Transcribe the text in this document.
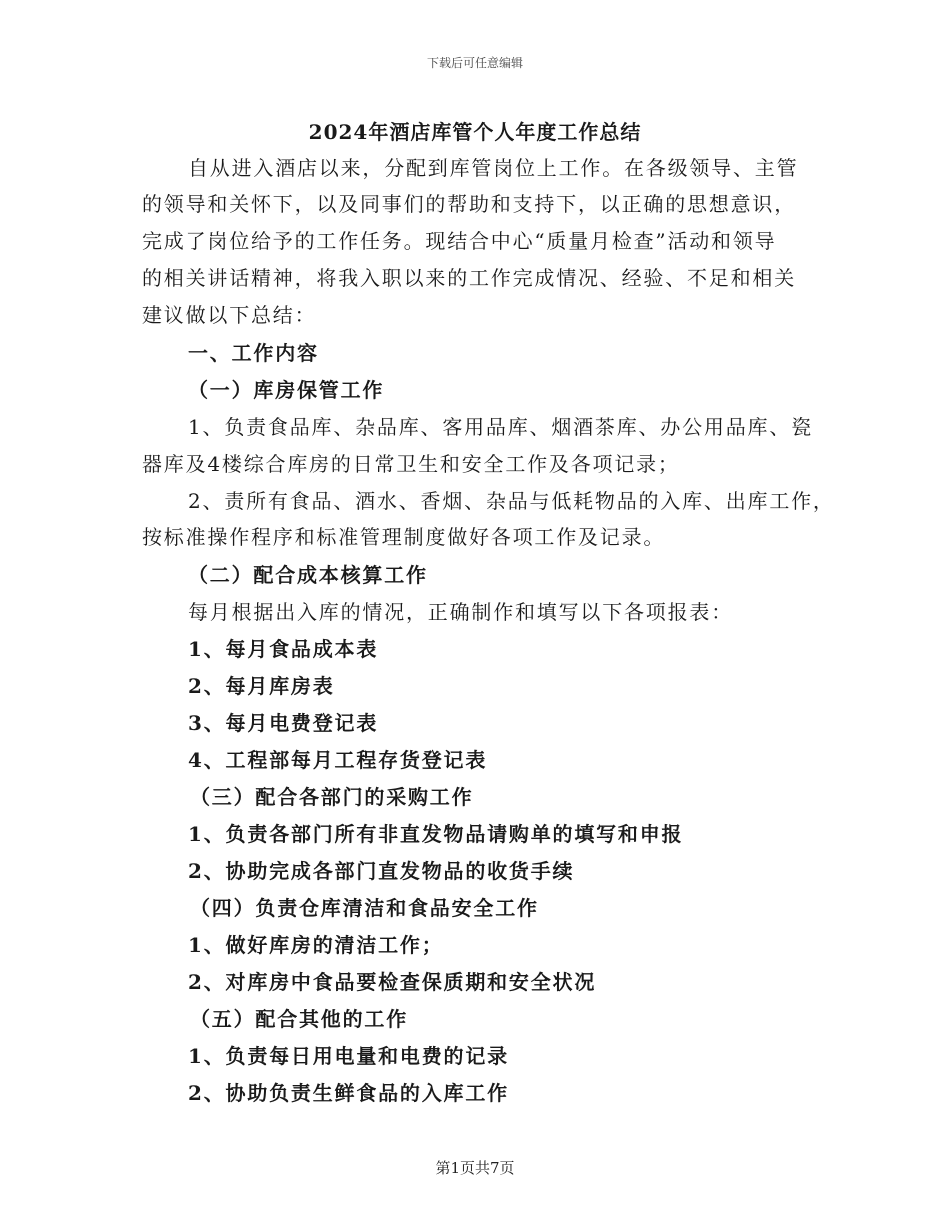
下载后可任意编辑
2024年酒店库管个人年度工作总结
自从进入酒店以来，分配到库管岗位上工作。在各级领导、主管
的领导和关怀下，以及同事们的帮助和支持下，以正确的思想意识，
完成了岗位给予的工作任务。现结合中心“质量月检查”活动和领导
的相关讲话精神，将我入职以来的工作完成情况、经验、不足和相关
建议做以下总结：
一、工作内容
（一）库房保管工作
1、负责食品库、杂品库、客用品库、烟酒茶库、办公用品库、瓷
器库及4楼综合库房的日常卫生和安全工作及各项记录；
2、责所有食品、酒水、香烟、杂品与低耗物品的入库、出库工作，
按标准操作程序和标准管理制度做好各项工作及记录。
（二）配合成本核算工作
每月根据出入库的情况，正确制作和填写以下各项报表：
1、每月食品成本表
2、每月库房表
3、每月电费登记表
4、工程部每月工程存货登记表
（三）配合各部门的采购工作
1、负责各部门所有非直发物品请购单的填写和申报
2、协助完成各部门直发物品的收货手续
（四）负责仓库清洁和食品安全工作
1、做好库房的清洁工作；
2、对库房中食品要检查保质期和安全状况
（五）配合其他的工作
1、负责每日用电量和电费的记录
2、协助负责生鲜食品的入库工作
第1页共7页
